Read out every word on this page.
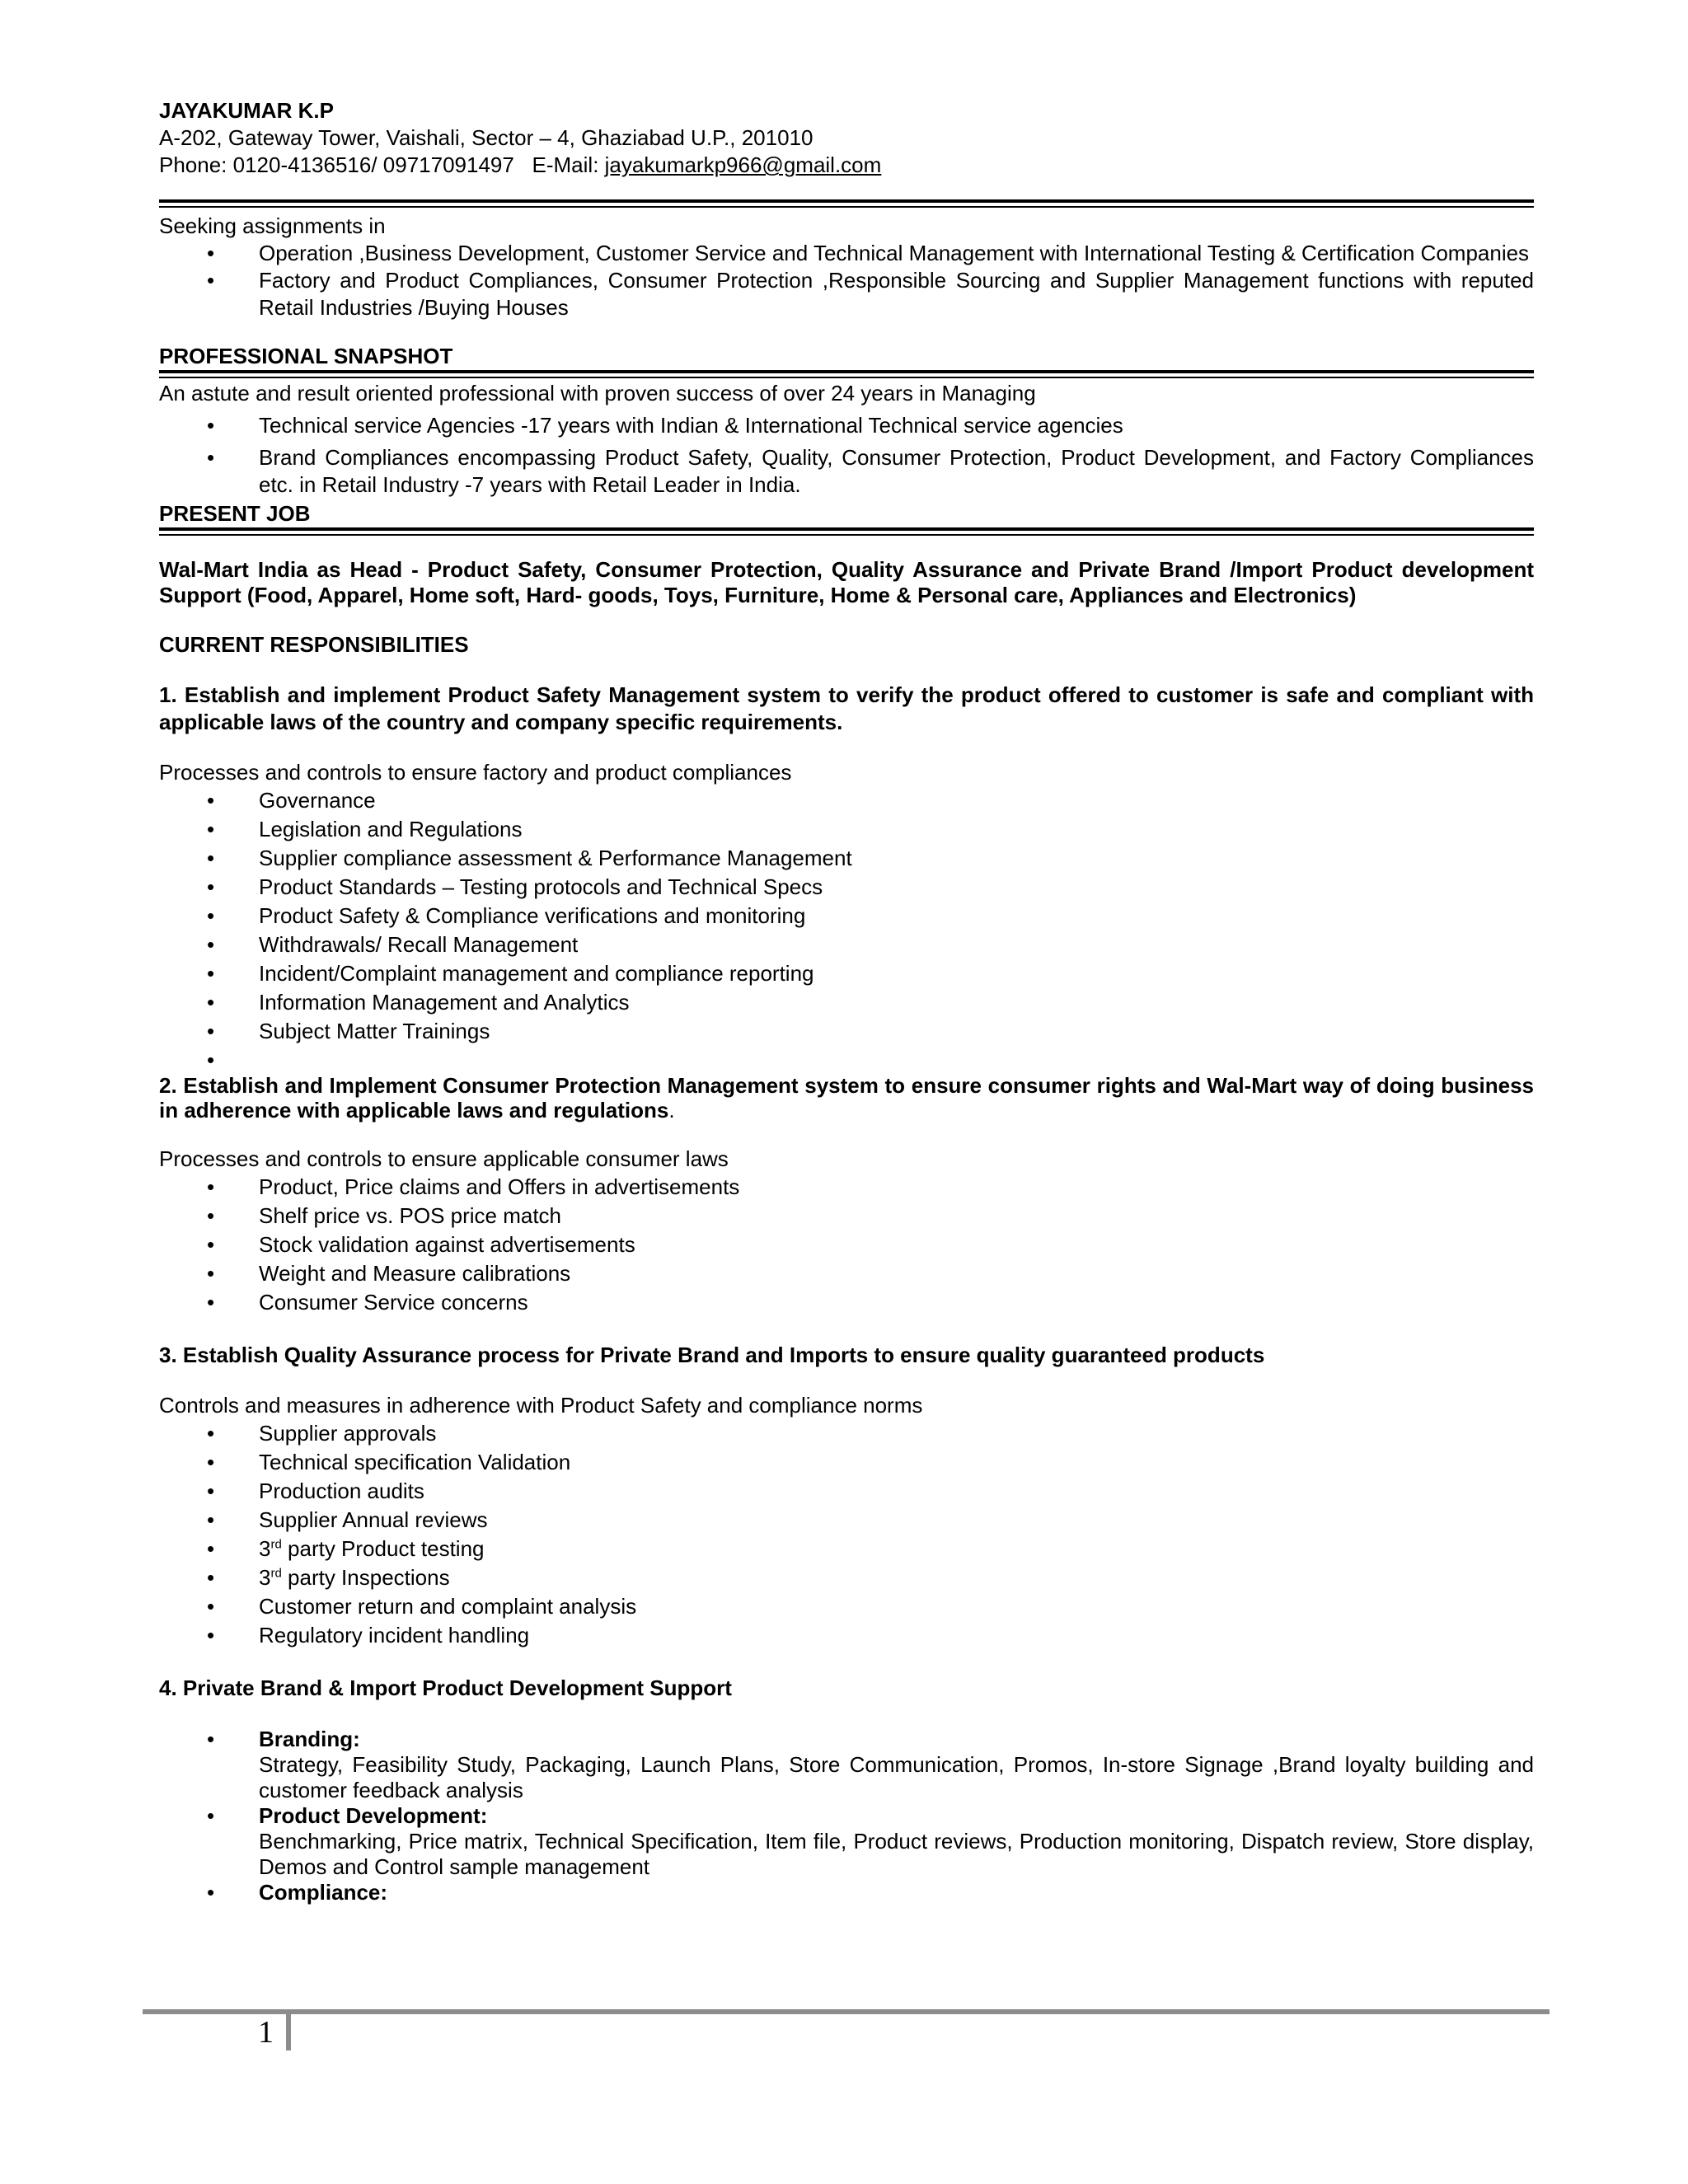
JAYAKUMAR K.P
A-202, Gateway Tower, Vaishali, Sector – 4, Ghaziabad U.P., 201010
Phone: 0120-4136516/ 09717091497   E-Mail: jayakumarkp966@gmail.com
Seeking assignments in
• Operation ,Business Development, Customer Service and Technical Management with International Testing & Certification Companies
• Factory and Product Compliances, Consumer Protection ,Responsible Sourcing and Supplier Management functions with reputed Retail Industries /Buying Houses
PROFESSIONAL SNAPSHOT
An astute and result oriented professional with proven success of over 24 years in Managing
• Technical service Agencies -17 years with Indian & International Technical service agencies
• Brand Compliances encompassing Product Safety, Quality, Consumer Protection, Product Development, and Factory Compliances etc. in Retail Industry -7 years with Retail Leader in India.
PRESENT JOB
Wal-Mart India as Head - Product Safety, Consumer Protection, Quality Assurance and Private Brand /Import Product development Support (Food, Apparel, Home soft, Hard- goods, Toys, Furniture, Home & Personal care, Appliances and Electronics)
CURRENT RESPONSIBILITIES
1. Establish and implement Product Safety Management system to verify the product offered to customer is safe and compliant with applicable laws of the country and company specific requirements.
Processes and controls to ensure factory and product compliances
• Governance
• Legislation and Regulations
• Supplier compliance assessment & Performance Management
• Product Standards – Testing protocols and Technical Specs
• Product Safety & Compliance verifications and monitoring
• Withdrawals/ Recall Management
• Incident/Complaint management and compliance reporting
• Information Management and Analytics
• Subject Matter Trainings
•
2. Establish and Implement Consumer Protection Management system to ensure consumer rights and Wal-Mart way of doing business in adherence with applicable laws and regulations.
Processes and controls to ensure applicable consumer laws
• Product, Price claims and Offers in advertisements
• Shelf price vs. POS price match
• Stock validation against advertisements
• Weight and Measure calibrations
• Consumer Service concerns
3. Establish Quality Assurance process for Private Brand and Imports to ensure quality guaranteed products
Controls and measures in adherence with Product Safety and compliance norms
• Supplier approvals
• Technical specification Validation
• Production audits
• Supplier Annual reviews
• 3rd party Product testing
• 3rd party Inspections
• Customer return and complaint analysis
• Regulatory incident handling
4. Private Brand & Import Product Development Support
• Branding:
Strategy, Feasibility Study, Packaging, Launch Plans, Store Communication, Promos, In-store Signage ,Brand loyalty building and customer feedback analysis
• Product Development:
Benchmarking, Price matrix, Technical Specification, Item file, Product reviews, Production monitoring, Dispatch review, Store display, Demos and Control sample management
• Compliance:
1
